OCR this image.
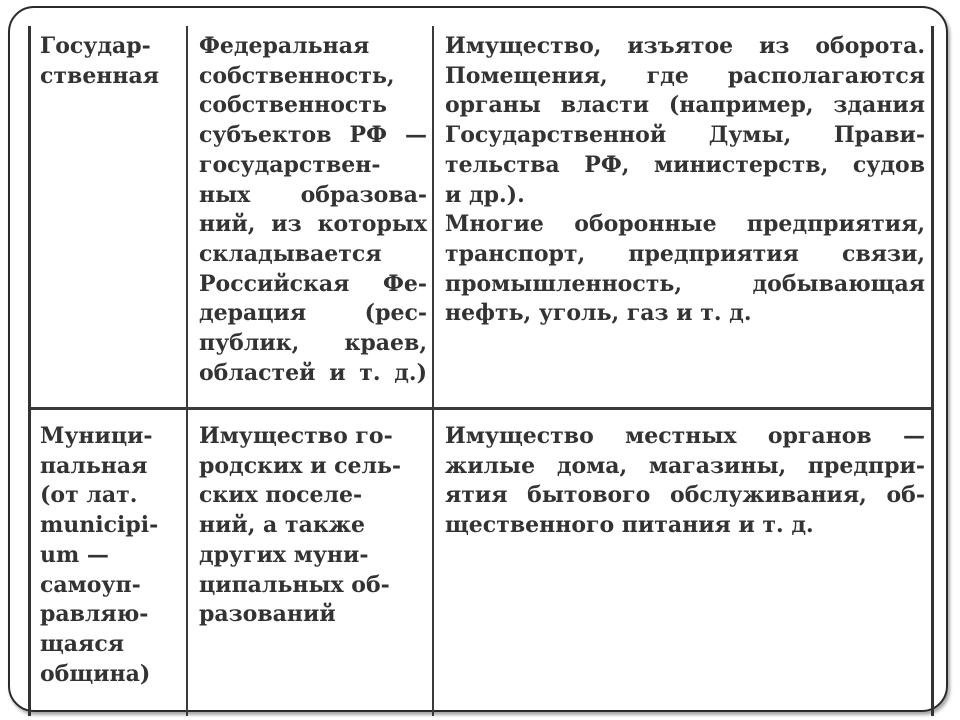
Государ-
ственная
Федеральная
собственность,
собственность
субъектов РФ —
государствен-
ных образова-
ний, из которых
складывается
Российская Фе-
дерация (рес-
публик, краев,
областей и т. д.)
Имущество, изъятое из оборота.
Помещения, где располагаются
органы власти (например, здания
Государственной Думы, Прави-
тельства РФ, министерств, судов
и др.).
Многие оборонные предприятия,
транспорт, предприятия связи,
промышленность, добывающая
нефть, уголь, газ и т. д.
Муници-
пальная
(от лат.
municipi-
um —
самоуп-
равляю-
щаяся
община)
Имущество го-
родских и сель-
ских поселе-
ний, а также
других муни-
ципальных об-
разований
Имущество местных органов —
жилые дома, магазины, предпри-
ятия бытового обслуживания, об-
щественного питания и т. д.
